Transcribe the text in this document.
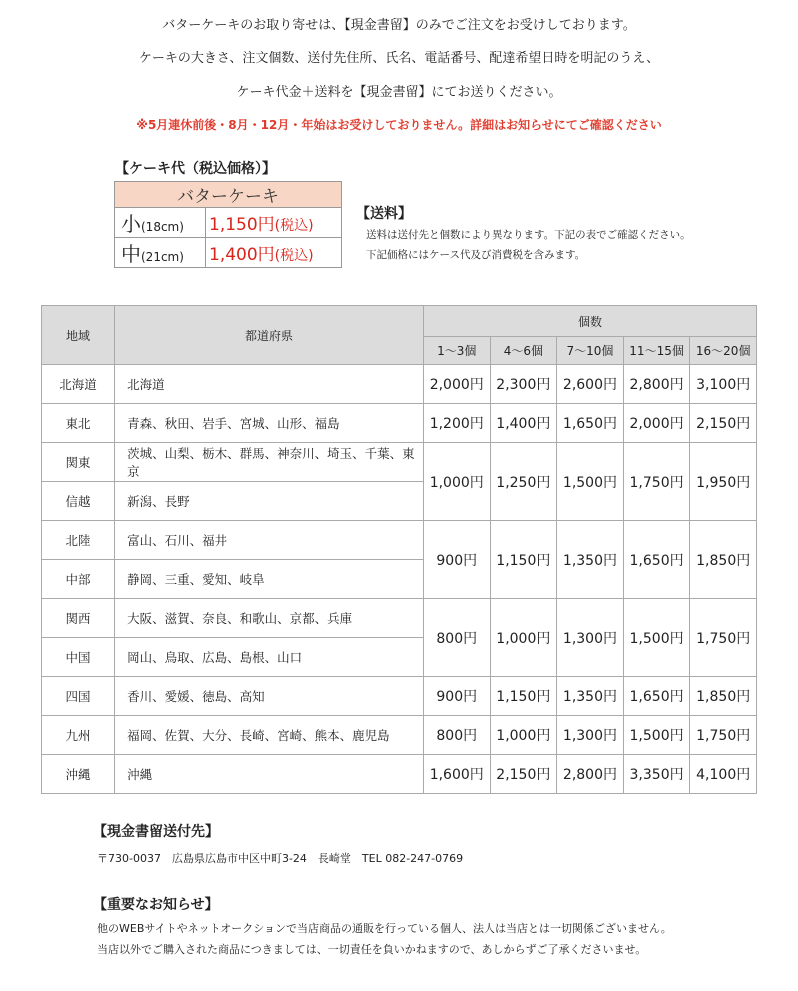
バターケーキのお取り寄せは、【現金書留】のみでご注文をお受けしております。
ケーキの大きさ、注文個数、送付先住所、氏名、電話番号、配達希望日時を明記のうえ、
ケーキ代金＋送料を【現金書留】にてお送りください。
※5月連休前後・8月・12月・年始はお受けしておりません。詳細はお知らせにてご確認ください
【ケーキ代（税込価格）】
バターケーキ	
小(18cm)	1,150円(税込)
中(21cm)	1,400円(税込)
【送料】
送料は送付先と個数により異なります。下記の表でご確認ください。
下記価格にはケース代及び消費税を含みます。
地域	都道府県	個数				
		1〜3個	4〜6個	7〜10個	11〜15個	16〜20個
北海道	北海道	2,000円	2,300円	2,600円	2,800円	3,100円
東北	青森、秋田、岩手、宮城、山形、福島	1,200円	1,400円	1,650円	2,000円	2,150円
関東	茨城、山梨、栃木、群馬、神奈川、埼玉、千葉、東京	1,000円	1,250円	1,500円	1,750円	1,950円
信越	新潟、長野					
北陸	富山、石川、福井	900円	1,150円	1,350円	1,650円	1,850円
中部	静岡、三重、愛知、岐阜					
関西	大阪、滋賀、奈良、和歌山、京都、兵庫	800円	1,000円	1,300円	1,500円	1,750円
中国	岡山、鳥取、広島、島根、山口					
四国	香川、愛媛、徳島、高知	900円	1,150円	1,350円	1,650円	1,850円
九州	福岡、佐賀、大分、長崎、宮崎、熊本、鹿児島	800円	1,000円	1,300円	1,500円	1,750円
沖縄	沖縄	1,600円	2,150円	2,800円	3,350円	4,100円
【現金書留送付先】
〒730-0037　広島県広島市中区中町3-24　長崎堂　TEL 082-247-0769
【重要なお知らせ】
他のWEBサイトやネットオークションで当店商品の通販を行っている個人、法人は当店とは一切関係ございません。
当店以外でご購入された商品につきましては、一切責任を負いかねますので、あしからずご了承くださいませ。
